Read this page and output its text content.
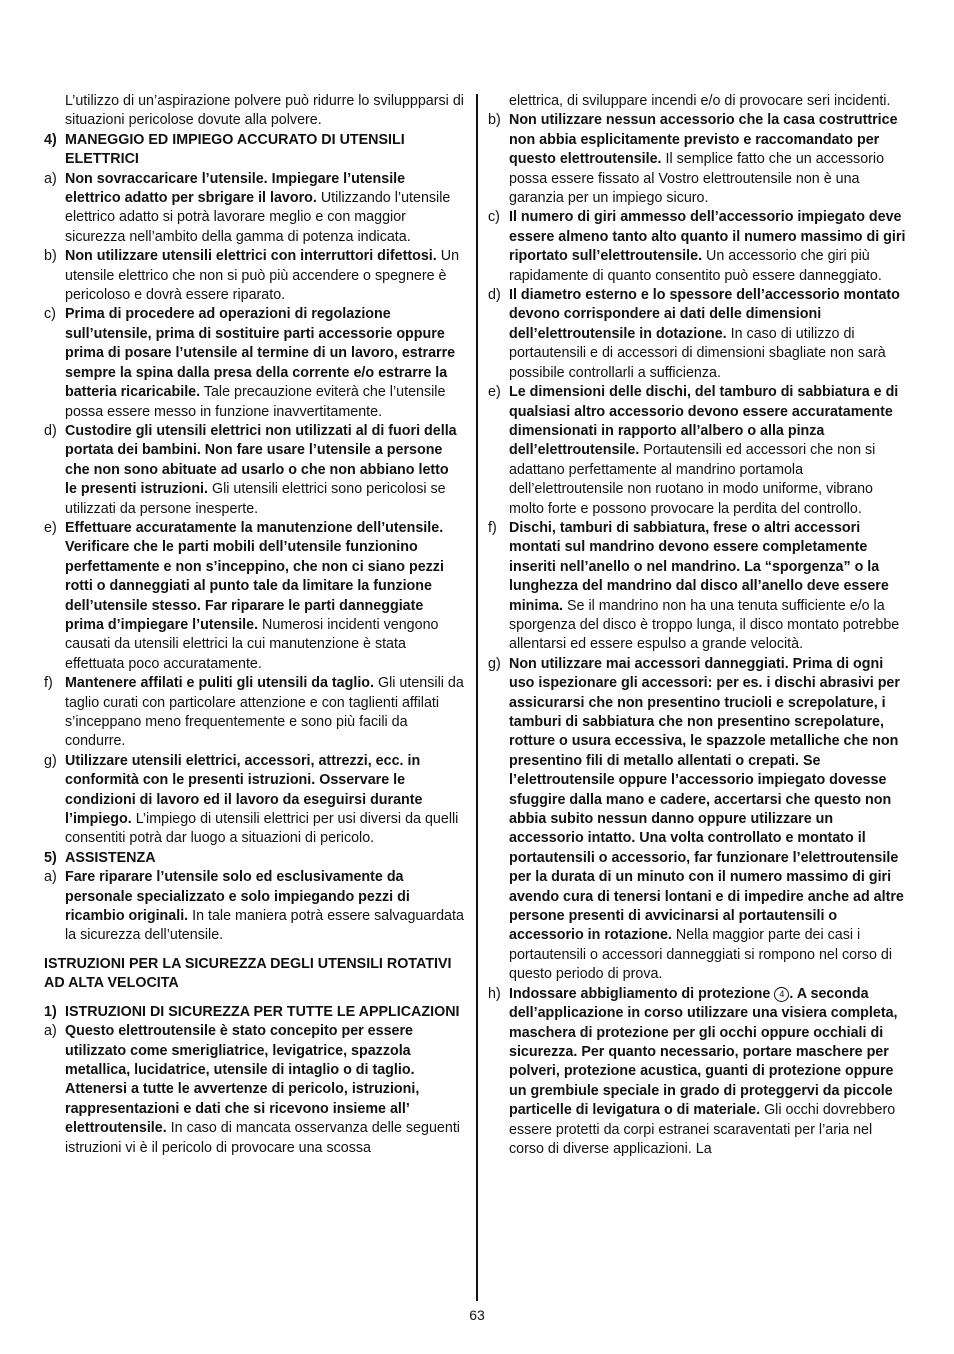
L’utilizzo di un’aspirazione polvere può ridurre lo sviluppparsi di situazioni pericolose dovute alla polvere.

4) MANEGGIO ED IMPIEGO ACCURATO DI UTENSILI ELETTRICI
a) Non sovraccaricare l’utensile. Impiegare l’utensile elettrico adatto per sbrigare il lavoro. Utilizzando l’utensile elettrico adatto si potrà lavorare meglio e con maggior sicurezza nell’ambito della gamma di potenza indicata.
b) Non utilizzare utensili elettrici con interruttori difettosi. Un utensile elettrico che non si può più accendere o spegnere è pericoloso e dovrà essere riparato.
c) Prima di procedere ad operazioni di regolazione sull’utensile, prima di sostituire parti accessorie oppure prima di posare l’utensile al termine di un lavoro, estrarre sempre la spina dalla presa della corrente e/o estrarre la batteria ricaricabile. Tale precauzione eviterà che l’utensile possa essere messo in funzione inavvertitamente.
d) Custodire gli utensili elettrici non utilizzati al di fuori della portata dei bambini. Non fare usare l’utensile a persone che non sono abituate ad usarlo o che non abbiano letto le presenti istruzioni. Gli utensili elettrici sono pericolosi se utilizzati da persone inesperte.
e) Effettuare accuratamente la manutenzione dell’utensile. Verificare che le parti mobili dell’utensile funzionino perfettamente e non s’inceppino, che non ci siano pezzi rotti o danneggiati al punto tale da limitare la funzione dell’utensile stesso. Far riparare le parti danneggiate prima d’impiegare l’utensile. Numerosi incidenti vengono causati da utensili elettrici la cui manutenzione è stata effettuata poco accuratamente.
f) Mantenere affilati e puliti gli utensili da taglio. Gli utensili da taglio curati con particolare attenzione e con taglienti affilati s’inceppano meno frequentemente e sono più facili da condurre.
g) Utilizzare utensili elettrici, accessori, attrezzi, ecc. in conformità con le presenti istruzioni. Osservare le condizioni di lavoro ed il lavoro da eseguirsi durante l’impiego. L’impiego di utensili elettrici per usi diversi da quelli consentiti potrà dar luogo a situazioni di pericolo.
5) ASSISTENZA
a) Fare riparare l’utensile solo ed esclusivamente da personale specializzato e solo impiegando pezzi di ricambio originali. In tale maniera potrà essere salvaguardata la sicurezza dell’utensile.

ISTRUZIONI PER LA SICUREZZA DEGLI UTENSILI ROTATIVI AD ALTA VELOCITA

1) ISTRUZIONI DI SICUREZZA PER TUTTE LE APPLICAZIONI
a) Questo elettroutensile è stato concepito per essere utilizzato come smerigliatrice, levigatrice, spazzola metallica, lucidatrice, utensile di intaglio o di taglio. Attenersi a tutte le avvertenze di pericolo, istruzioni, rappresentazioni e dati che si ricevono insieme all’ elettroutensile. In caso di mancata osservanza delle seguenti istruzioni vi è il pericolo di provocare una scossa

elettrica, di sviluppare incendi e/o di provocare seri incidenti.

b) Non utilizzare nessun accessorio che la casa costruttrice non abbia esplicitamente previsto e raccomandato per questo elettroutensile. Il semplice fatto che un accessorio possa essere fissato al Vostro elettroutensile non è una garanzia per un impiego sicuro.
c) Il numero di giri ammesso dell’accessorio impiegato deve essere almeno tanto alto quanto il numero massimo di giri riportato sull’elettroutensile. Un accessorio che giri più rapidamente di quanto consentito può essere danneggiato.
d) Il diametro esterno e lo spessore dell’accessorio montato devono corrispondere ai dati delle dimensioni dell’elettroutensile in dotazione. In caso di utilizzo di portautensili e di accessori di dimensioni sbagliate non sarà possibile controllarli a sufficienza.
e) Le dimensioni delle dischi, del tamburo di sabbiatura e di qualsiasi altro accessorio devono essere accuratamente dimensionati in rapporto all’albero o alla pinza dell’elettroutensile. Portautensili ed accessori che non si adattano perfettamente al mandrino portamola dell’elettroutensile non ruotano in modo uniforme, vibrano molto forte e possono provocare la perdita del controllo.
f) Dischi, tamburi di sabbiatura, frese o altri accessori montati sul mandrino devono essere completamente inseriti nell’anello o nel mandrino. La “sporgenza” o la lunghezza del mandrino dal disco all’anello deve essere minima. Se il mandrino non ha una tenuta sufficiente e/o la sporgenza del disco è troppo lunga, il disco montato potrebbe allentarsi ed essere espulso a grande velocità.
g) Non utilizzare mai accessori danneggiati. Prima di ogni uso ispezionare gli accessori: per es. i dischi abrasivi per assicurarsi che non presentino trucioli e screpolature, i tamburi di sabbiatura che non presentino screpolature, rotture o usura eccessiva, le spazzole metalliche che non presentino fili di metallo allentati o crepati. Se l’elettroutensile oppure l’accessorio impiegato dovesse sfuggire dalla mano e cadere, accertarsi che questo non abbia subito nessun danno oppure utilizzare un accessorio intatto. Una volta controllato e montato il portautensili o accessorio, far funzionare l’elettroutensile per la durata di un minuto con il numero massimo di giri avendo cura di tenersi lontani e di impedire anche ad altre persone presenti di avvicinarsi al portautensili o accessorio in rotazione. Nella maggior parte dei casi i portautensili o accessori danneggiati si rompono nel corso di questo periodo di prova.
h) Indossare abbigliamento di protezione 4 . A seconda dell’applicazione in corso utilizzare una visiera completa, maschera di protezione per gli occhi oppure occhiali di sicurezza. Per quanto necessario, portare maschere per polveri, protezione acustica, guanti di protezione oppure un grembiule speciale in grado di proteggervi da piccole particelle di levigatura o di materiale. Gli occhi dovrebbero essere protetti da corpi estranei scaraventati per l’aria nel corso di diverse applicazioni. La
63
